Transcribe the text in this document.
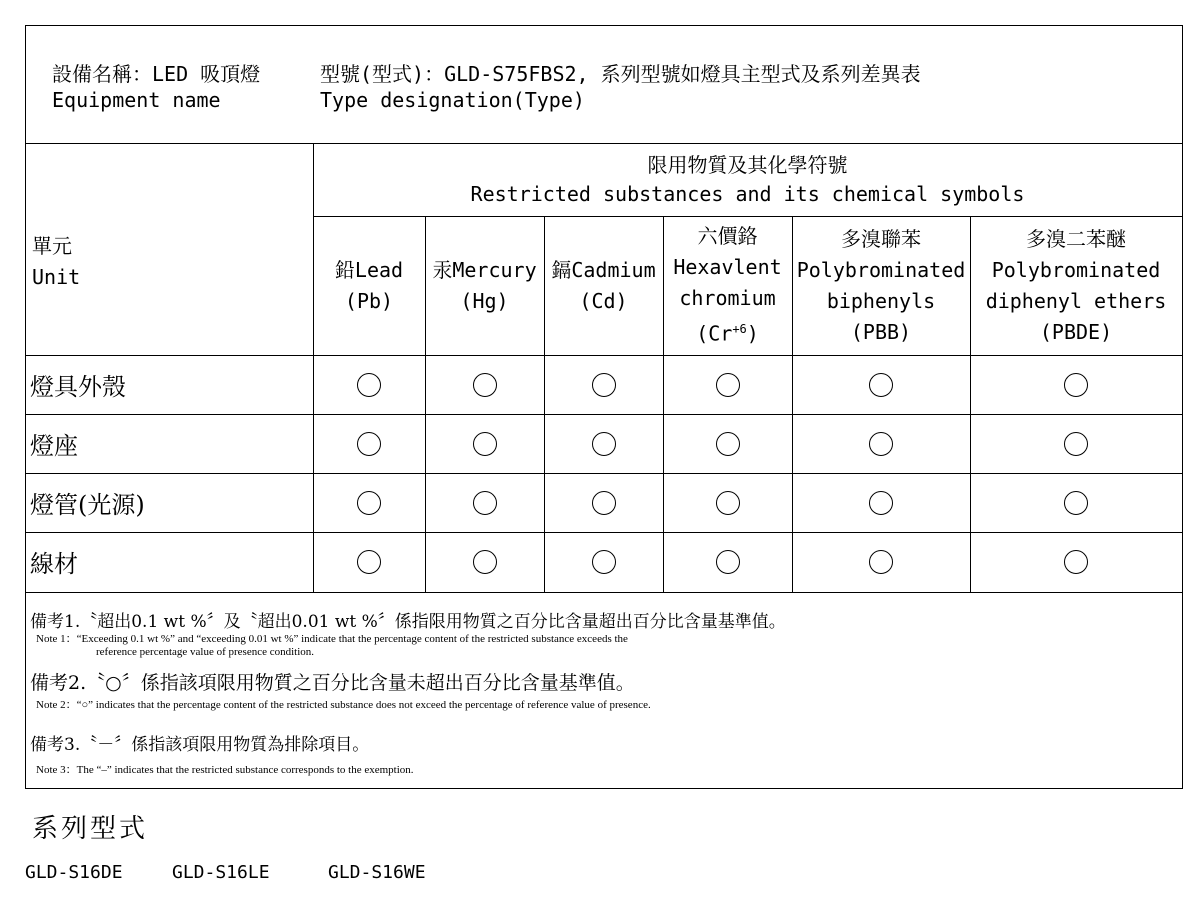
設備名稱：LED 吸頂燈
Equipment name
型號(型式)：GLD-S75FBS2, 系列型號如燈具主型式及系列差異表
Type designation(Type)
單元
Unit
限用物質及其化學符號
Restricted substances and its chemical symbols
鉛Lead
(Pb)
汞Mercury
(Hg)
鎘Cadmium
(Cd)
六價鉻
Hexavlent
chromium
$(Cr^{+6})$
多溴聯苯
Polybrominated
biphenyls
(PBB)
多溴二苯醚
Polybrominated
diphenyl ethers
(PBDE)
燈具外殼
燈座
燈管(光源)
線材
備考1.〝超出0.1 wt %〞及〝超出0.01 wt %〞係指限用物質之百分比含量超出百分比含量基準值。
Note 1：“Exceeding 0.1 wt %” and “exceeding 0.01 wt %” indicate that the percentage content of the restricted substance exceeds the
reference percentage value of presence condition.
備考2.〝○〞係指該項限用物質之百分比含量未超出百分比含量基準值。
Note 2：“○” indicates that the percentage content of the restricted substance does not exceed the percentage of reference value of presence.
備考3.〝－〞係指該項限用物質為排除項目。
Note 3：The “–” indicates that the restricted substance corresponds to the exemption.
系列型式
GLD-S16DE	GLD-S16LE	GLD-S16WE
